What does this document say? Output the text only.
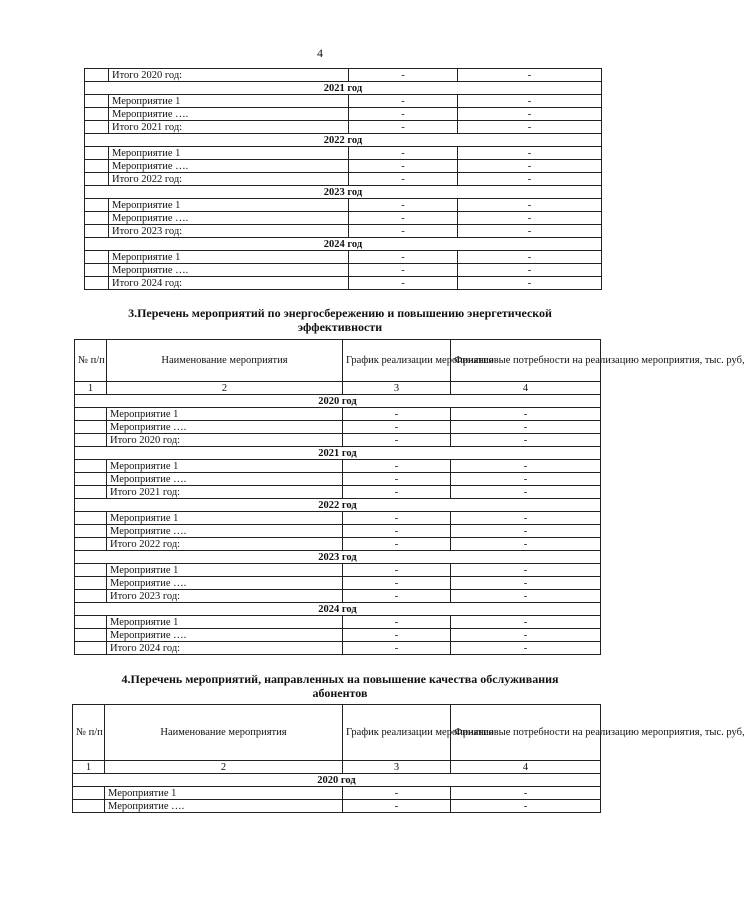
4
	Итого 2020 год:	-	-
2021 год			
	Мероприятие 1	-	-
	Мероприятие ….	-	-
	Итого 2021 год:	-	-
2022 год			
	Мероприятие 1	-	-
	Мероприятие ….	-	-
	Итого 2022 год:	-	-
2023 год			
	Мероприятие 1	-	-
	Мероприятие ….	-	-
	Итого 2023 год:	-	-
2024 год			
	Мероприятие 1	-	-
	Мероприятие ….	-	-
	Итого 2024 год:	-	-
3.Перечень мероприятий по энергосбережению и повышению энергетической
эффективности
№ п/п	Наименование мероприятия	График реализации мероприятия	Финансовые потребности на реализацию мероприятия, тыс. руб,
1	2	3	4
2020 год			
	Мероприятие 1	-	-
	Мероприятие ….	-	-
	Итого 2020 год:	-	-
2021 год			
	Мероприятие 1	-	-
	Мероприятие ….	-	-
	Итого 2021 год:	-	-
2022 год			
	Мероприятие 1	-	-
	Мероприятие ….	-	-
	Итого 2022 год:	-	-
2023 год			
	Мероприятие 1	-	-
	Мероприятие ….	-	-
	Итого 2023 год:	-	-
2024 год			
	Мероприятие 1	-	-
	Мероприятие ….	-	-
	Итого 2024 год:	-	-
4.Перечень мероприятий, направленных на повышение качества обслуживания
абонентов
№ п/п	Наименование мероприятия	График реализации мероприятия	Финансовые потребности на реализацию мероприятия, тыс. руб,
1	2	3	4
2020 год			
	Мероприятие 1	-	-
	Мероприятие ….	-	-
